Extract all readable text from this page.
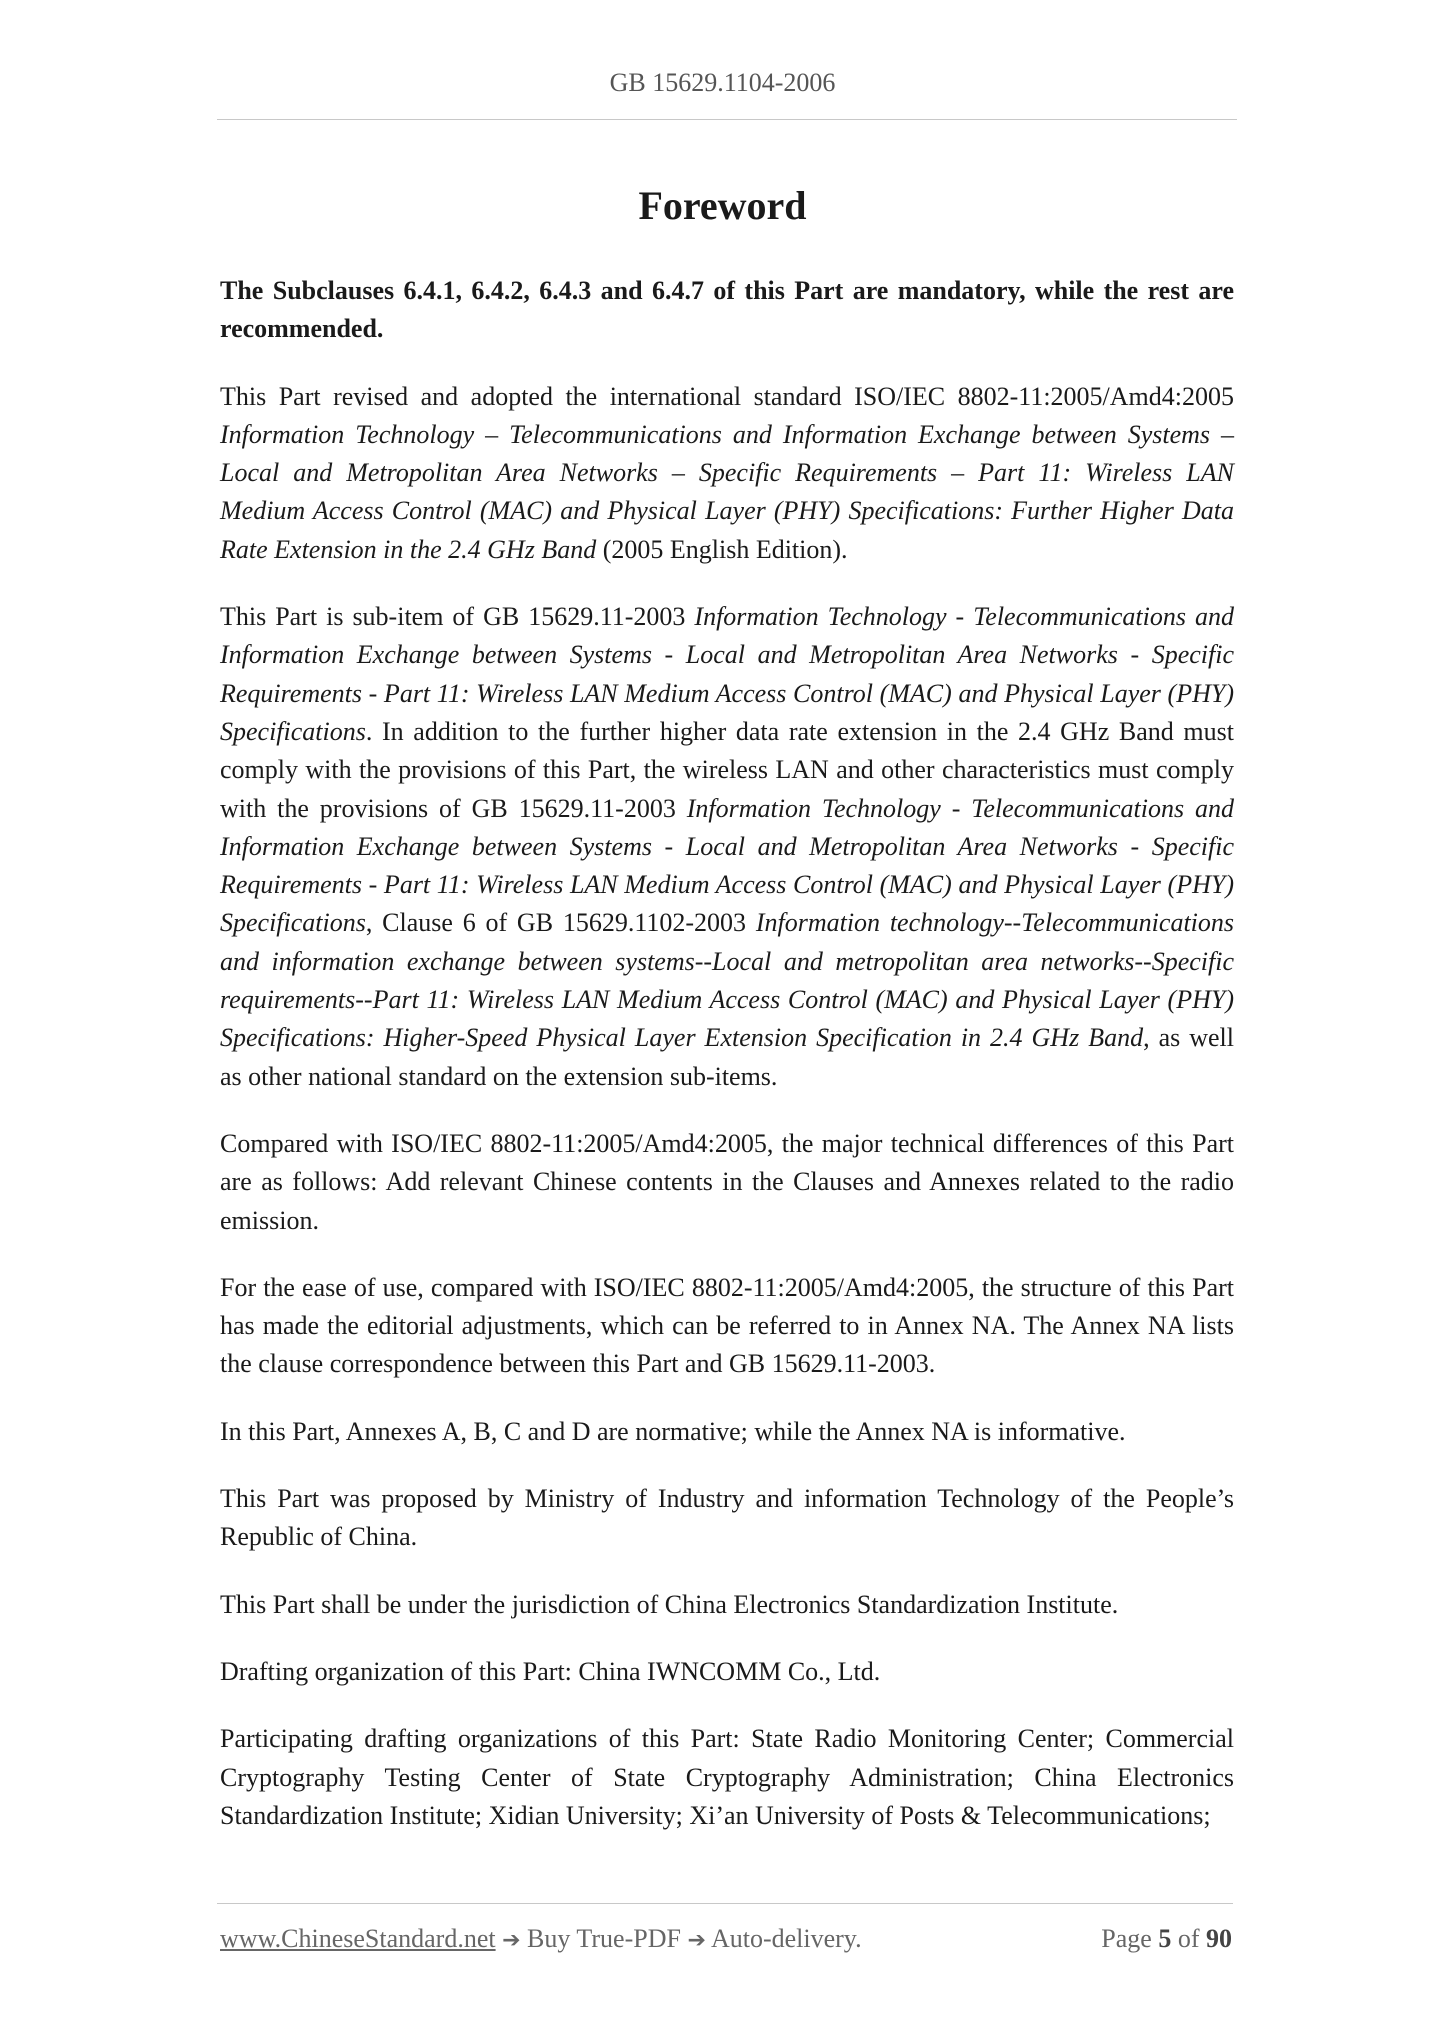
GB 15629.1104-2006
Foreword

The Subclauses 6.4.1, 6.4.2, 6.4.3 and 6.4.7 of this Part are mandatory, while the rest are recommended.

This Part revised and adopted the international standard ISO/IEC 8802-11:2005/Amd4:2005 Information Technology – Telecommunications and Information Exchange between Systems – Local and Metropolitan Area Networks – Specific Requirements – Part 11: Wireless LAN Medium Access Control (MAC) and Physical Layer (PHY) Specifications: Further Higher Data Rate Extension in the 2.4 GHz Band (2005 English Edition).

This Part is sub-item of GB 15629.11-2003 Information Technology - Telecommunications and Information Exchange between Systems - Local and Metropolitan Area Networks - Specific Requirements - Part 11: Wireless LAN Medium Access Control (MAC) and Physical Layer (PHY) Specifications. In addition to the further higher data rate extension in the 2.4 GHz Band must comply with the provisions of this Part, the wireless LAN and other characteristics must comply with the provisions of GB 15629.11-2003 Information Technology - Telecommunications and Information Exchange between Systems - Local and Metropolitan Area Networks - Specific Requirements - Part 11: Wireless LAN Medium Access Control (MAC) and Physical Layer (PHY) Specifications, Clause 6 of GB 15629.1102-2003 Information technology--Telecommunications and information exchange between systems--Local and metropolitan area networks--Specific requirements--Part 11: Wireless LAN Medium Access Control (MAC) and Physical Layer (PHY) Specifications: Higher-Speed Physical Layer Extension Specification in 2.4 GHz Band, as well as other national standard on the extension sub-items.

Compared with ISO/IEC 8802-11:2005/Amd4:2005, the major technical differences of this Part are as follows: Add relevant Chinese contents in the Clauses and Annexes related to the radio emission.

For the ease of use, compared with ISO/IEC 8802-11:2005/Amd4:2005, the structure of this Part has made the editorial adjustments, which can be referred to in Annex NA. The Annex NA lists the clause correspondence between this Part and GB 15629.11-2003.

In this Part, Annexes A, B, C and D are normative; while the Annex NA is informative.

This Part was proposed by Ministry of Industry and information Technology of the People’s Republic of China.

This Part shall be under the jurisdiction of China Electronics Standardization Institute.

Drafting organization of this Part: China IWNCOMM Co., Ltd.

Participating drafting organizations of this Part: State Radio Monitoring Center; Commercial Cryptography Testing Center of State Cryptography Administration; China Electronics Standardization Institute; Xidian University; Xi’an University of Posts & Telecommunications;

www.ChineseStandard.net ➔ Buy True-PDF ➔ Auto-delivery.	Page 5 of 90
